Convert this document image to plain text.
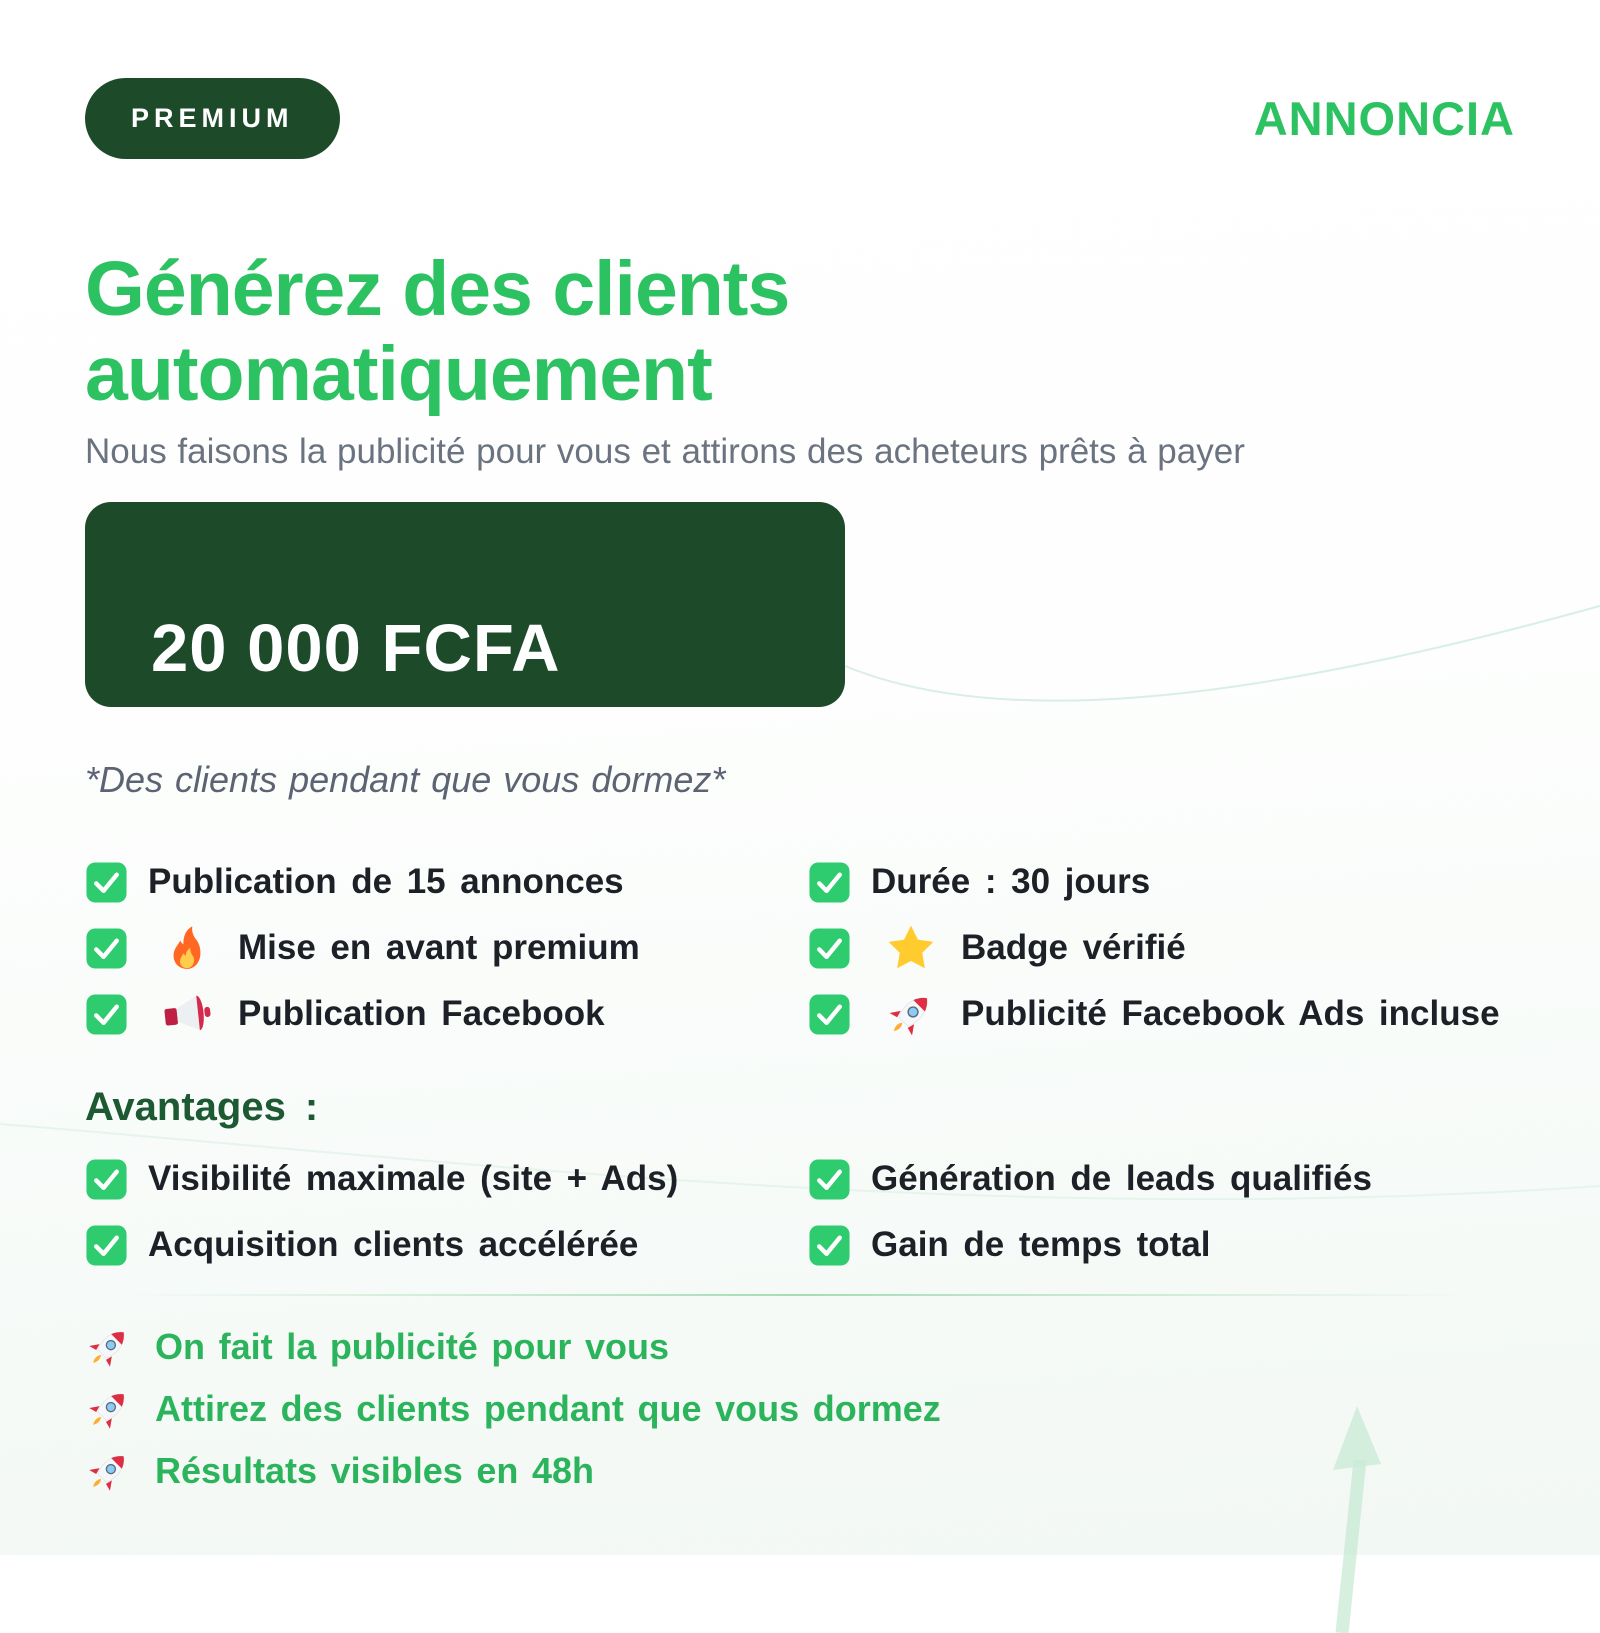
PREMIUM	ANNONCIA
Générez des clients
automatiquement

Nous faisons la publicité pour vous et attirons des acheteurs prêts à payer

20 000 FCFA

*Des clients pendant que vous dormez*

Publication de 15 annonces
Mise en avant premium
Publication Facebook
Durée : 30 jours
Badge vérifié
Publicité Facebook Ads incluse
Avantages :
Visibilité maximale (site + Ads)
Acquisition clients accélérée
Génération de leads qualifiés
Gain de temps total
On fait la publicité pour vous
Attirez des clients pendant que vous dormez
Résultats visibles en 48h
